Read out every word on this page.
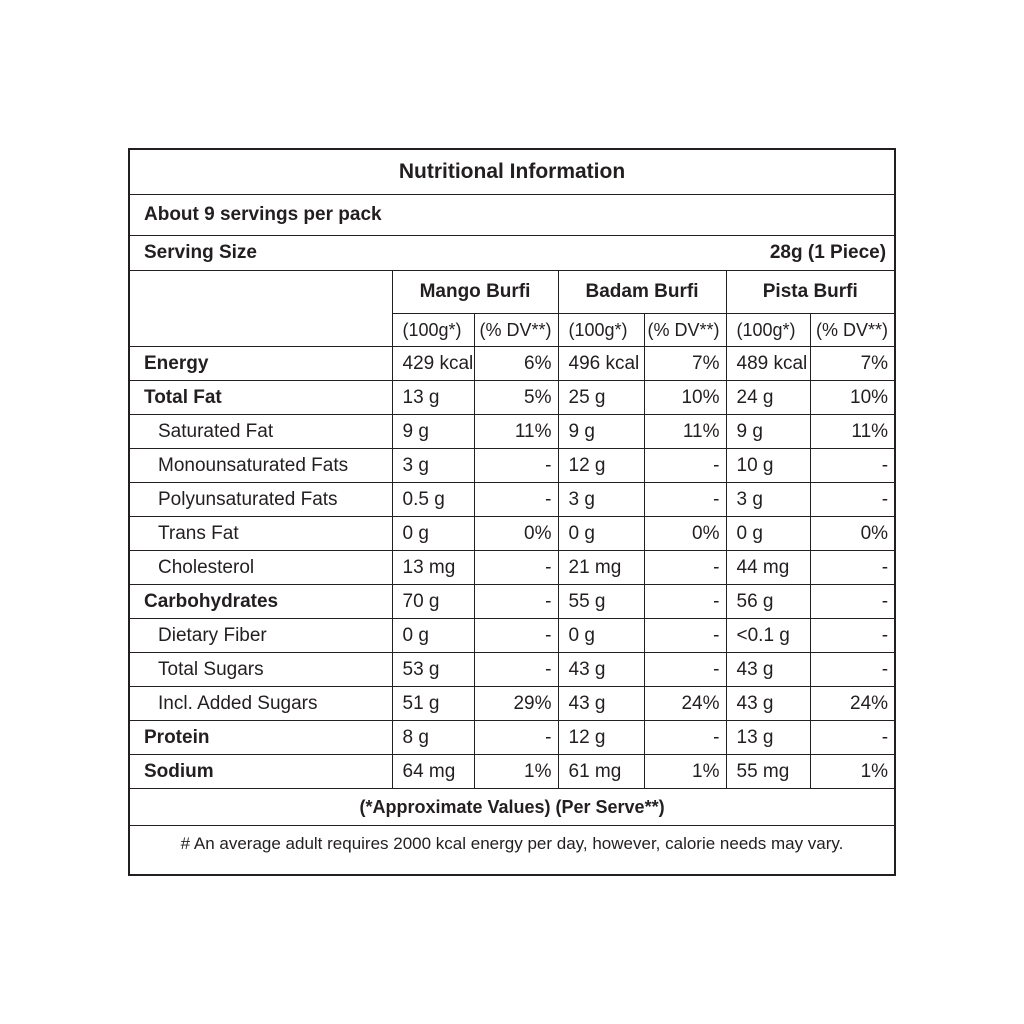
Nutritional Information						
About 9 servings per pack						

Serving Size 28g (1 Piece)						

	Mango Burfi		Badam Burfi		Pista Burfi	
	(100g*)	(% DV**)	(100g*)	(% DV**)	(100g*)	(% DV**)
Energy	429 kcal	6%	496 kcal	7%	489 kcal	7%
Total Fat	13 g	5%	25 g	10%	24 g	10%
Saturated Fat	9 g	11%	9 g	11%	9 g	11%
Monounsaturated Fats	3 g	-	12 g	-	10 g	-
Polyunsaturated Fats	0.5 g	-	3 g	-	3 g	-
Trans Fat	0 g	0%	0 g	0%	0 g	0%
Cholesterol	13 mg	-	21 mg	-	44 mg	-
Carbohydrates	70 g	-	55 g	-	56 g	-
Dietary Fiber	0 g	-	0 g	-	<0.1 g	-
Total Sugars	53 g	-	43 g	-	43 g	-
Incl. Added Sugars	51 g	29%	43 g	24%	43 g	24%
Protein	8 g	-	12 g	-	13 g	-
Sodium	64 mg	1%	61 mg	1%	55 mg	1%
(*Approximate Values) (Per Serve**)						
# An average adult requires 2000 kcal energy per day, however, calorie needs may vary.						
